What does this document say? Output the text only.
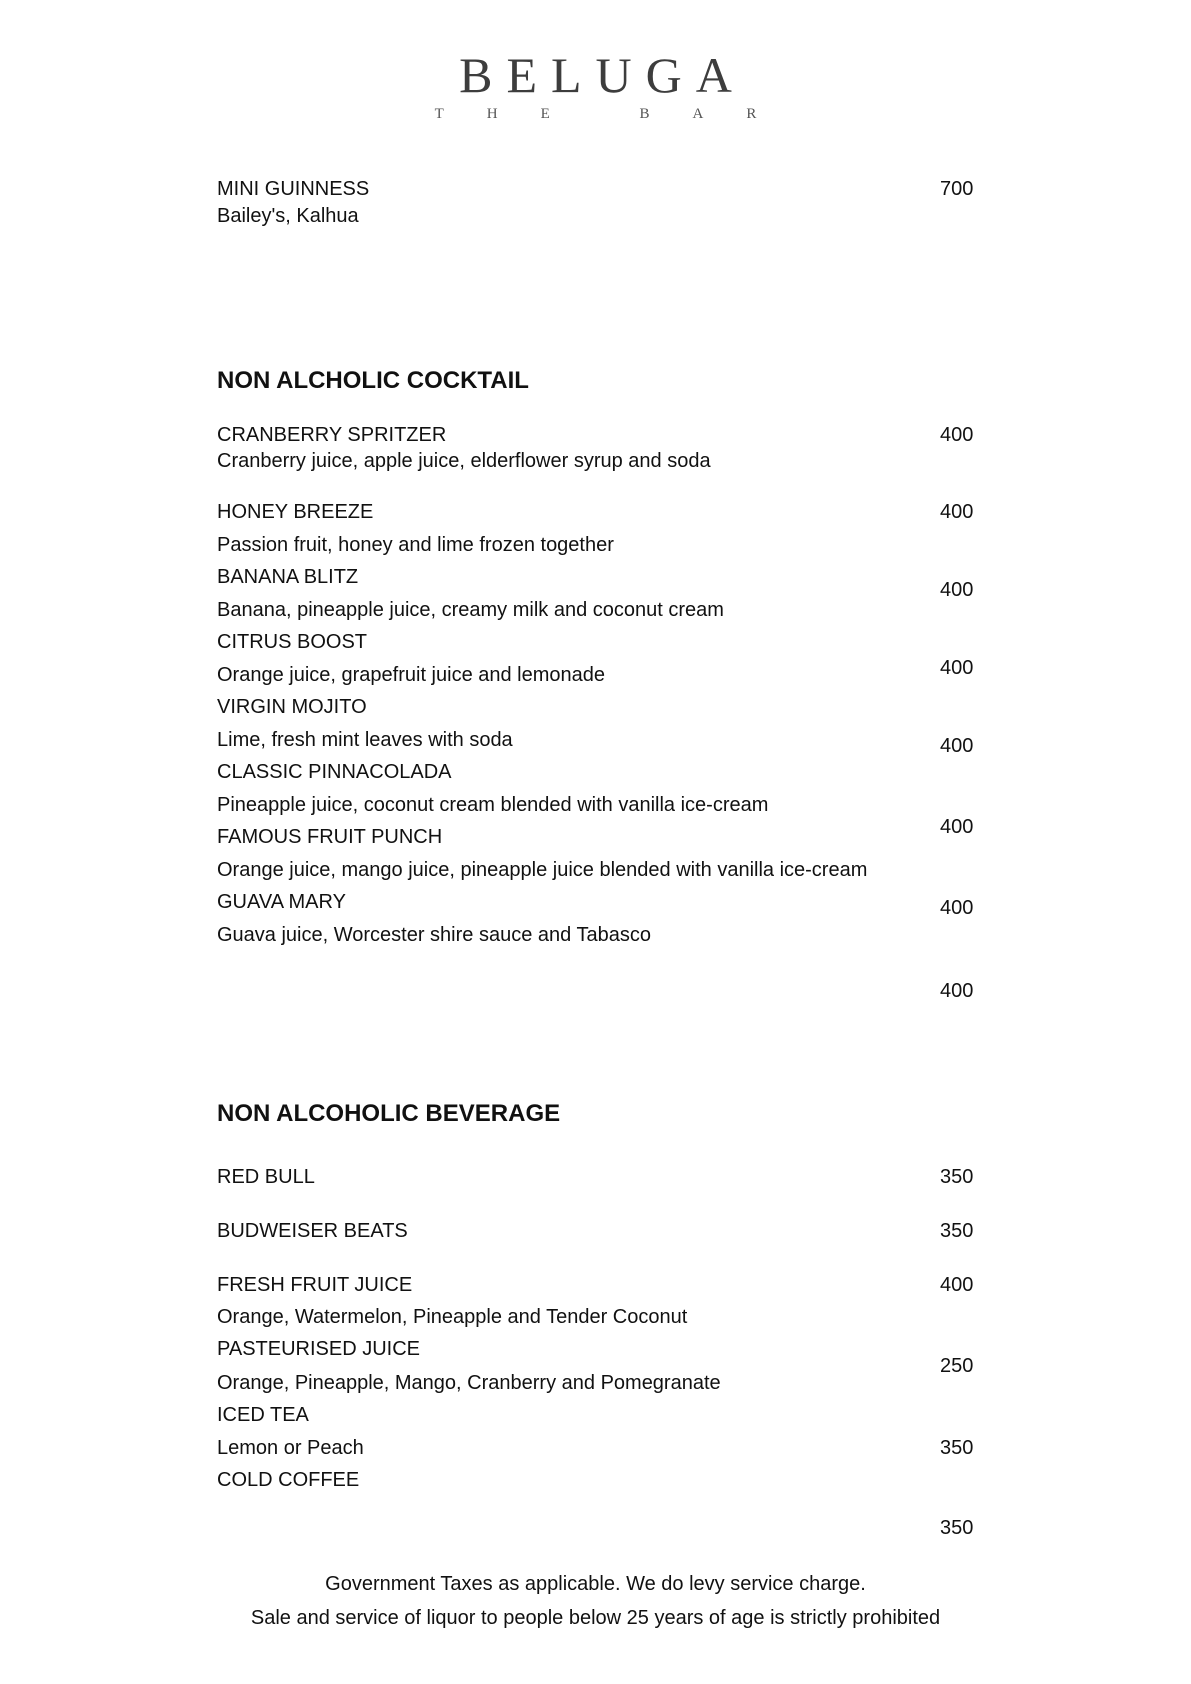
BELUGA
THE BAR
MINI GUINNESS
Bailey's, Kalhua
700
NON ALCHOLIC COCKTAIL
CRANBERRY SPRITZER
Cranberry juice, apple juice, elderflower syrup and soda
400
HONEY BREEZE
Passion fruit, honey and lime frozen together
400
BANANA BLITZ
Banana, pineapple juice, creamy milk and coconut cream
400
CITRUS BOOST
Orange juice, grapefruit juice and lemonade	400
VIRGIN MOJITO
Lime, fresh mint leaves with soda	400
CLASSIC PINNACOLADA
Pineapple juice, coconut cream blended with vanilla ice-cream
400
FAMOUS FRUIT PUNCH
Orange juice, mango juice, pineapple juice blended with vanilla ice-cream
400
GUAVA MARY
Guava juice, Worcester shire sauce and Tabasco
400
NON ALCOHOLIC BEVERAGE
RED BULL	350
BUDWEISER BEATS	350
FRESH FRUIT JUICE
Orange, Watermelon, Pineapple and Tender Coconut
400
PASTEURISED JUICE
Orange, Pineapple, Mango, Cranberry and Pomegranate
250
ICED TEA
Lemon or Peach	350
COLD COFFEE
350
Government Taxes as applicable. We do levy service charge.
Sale and service of liquor to people below 25 years of age is strictly prohibited
